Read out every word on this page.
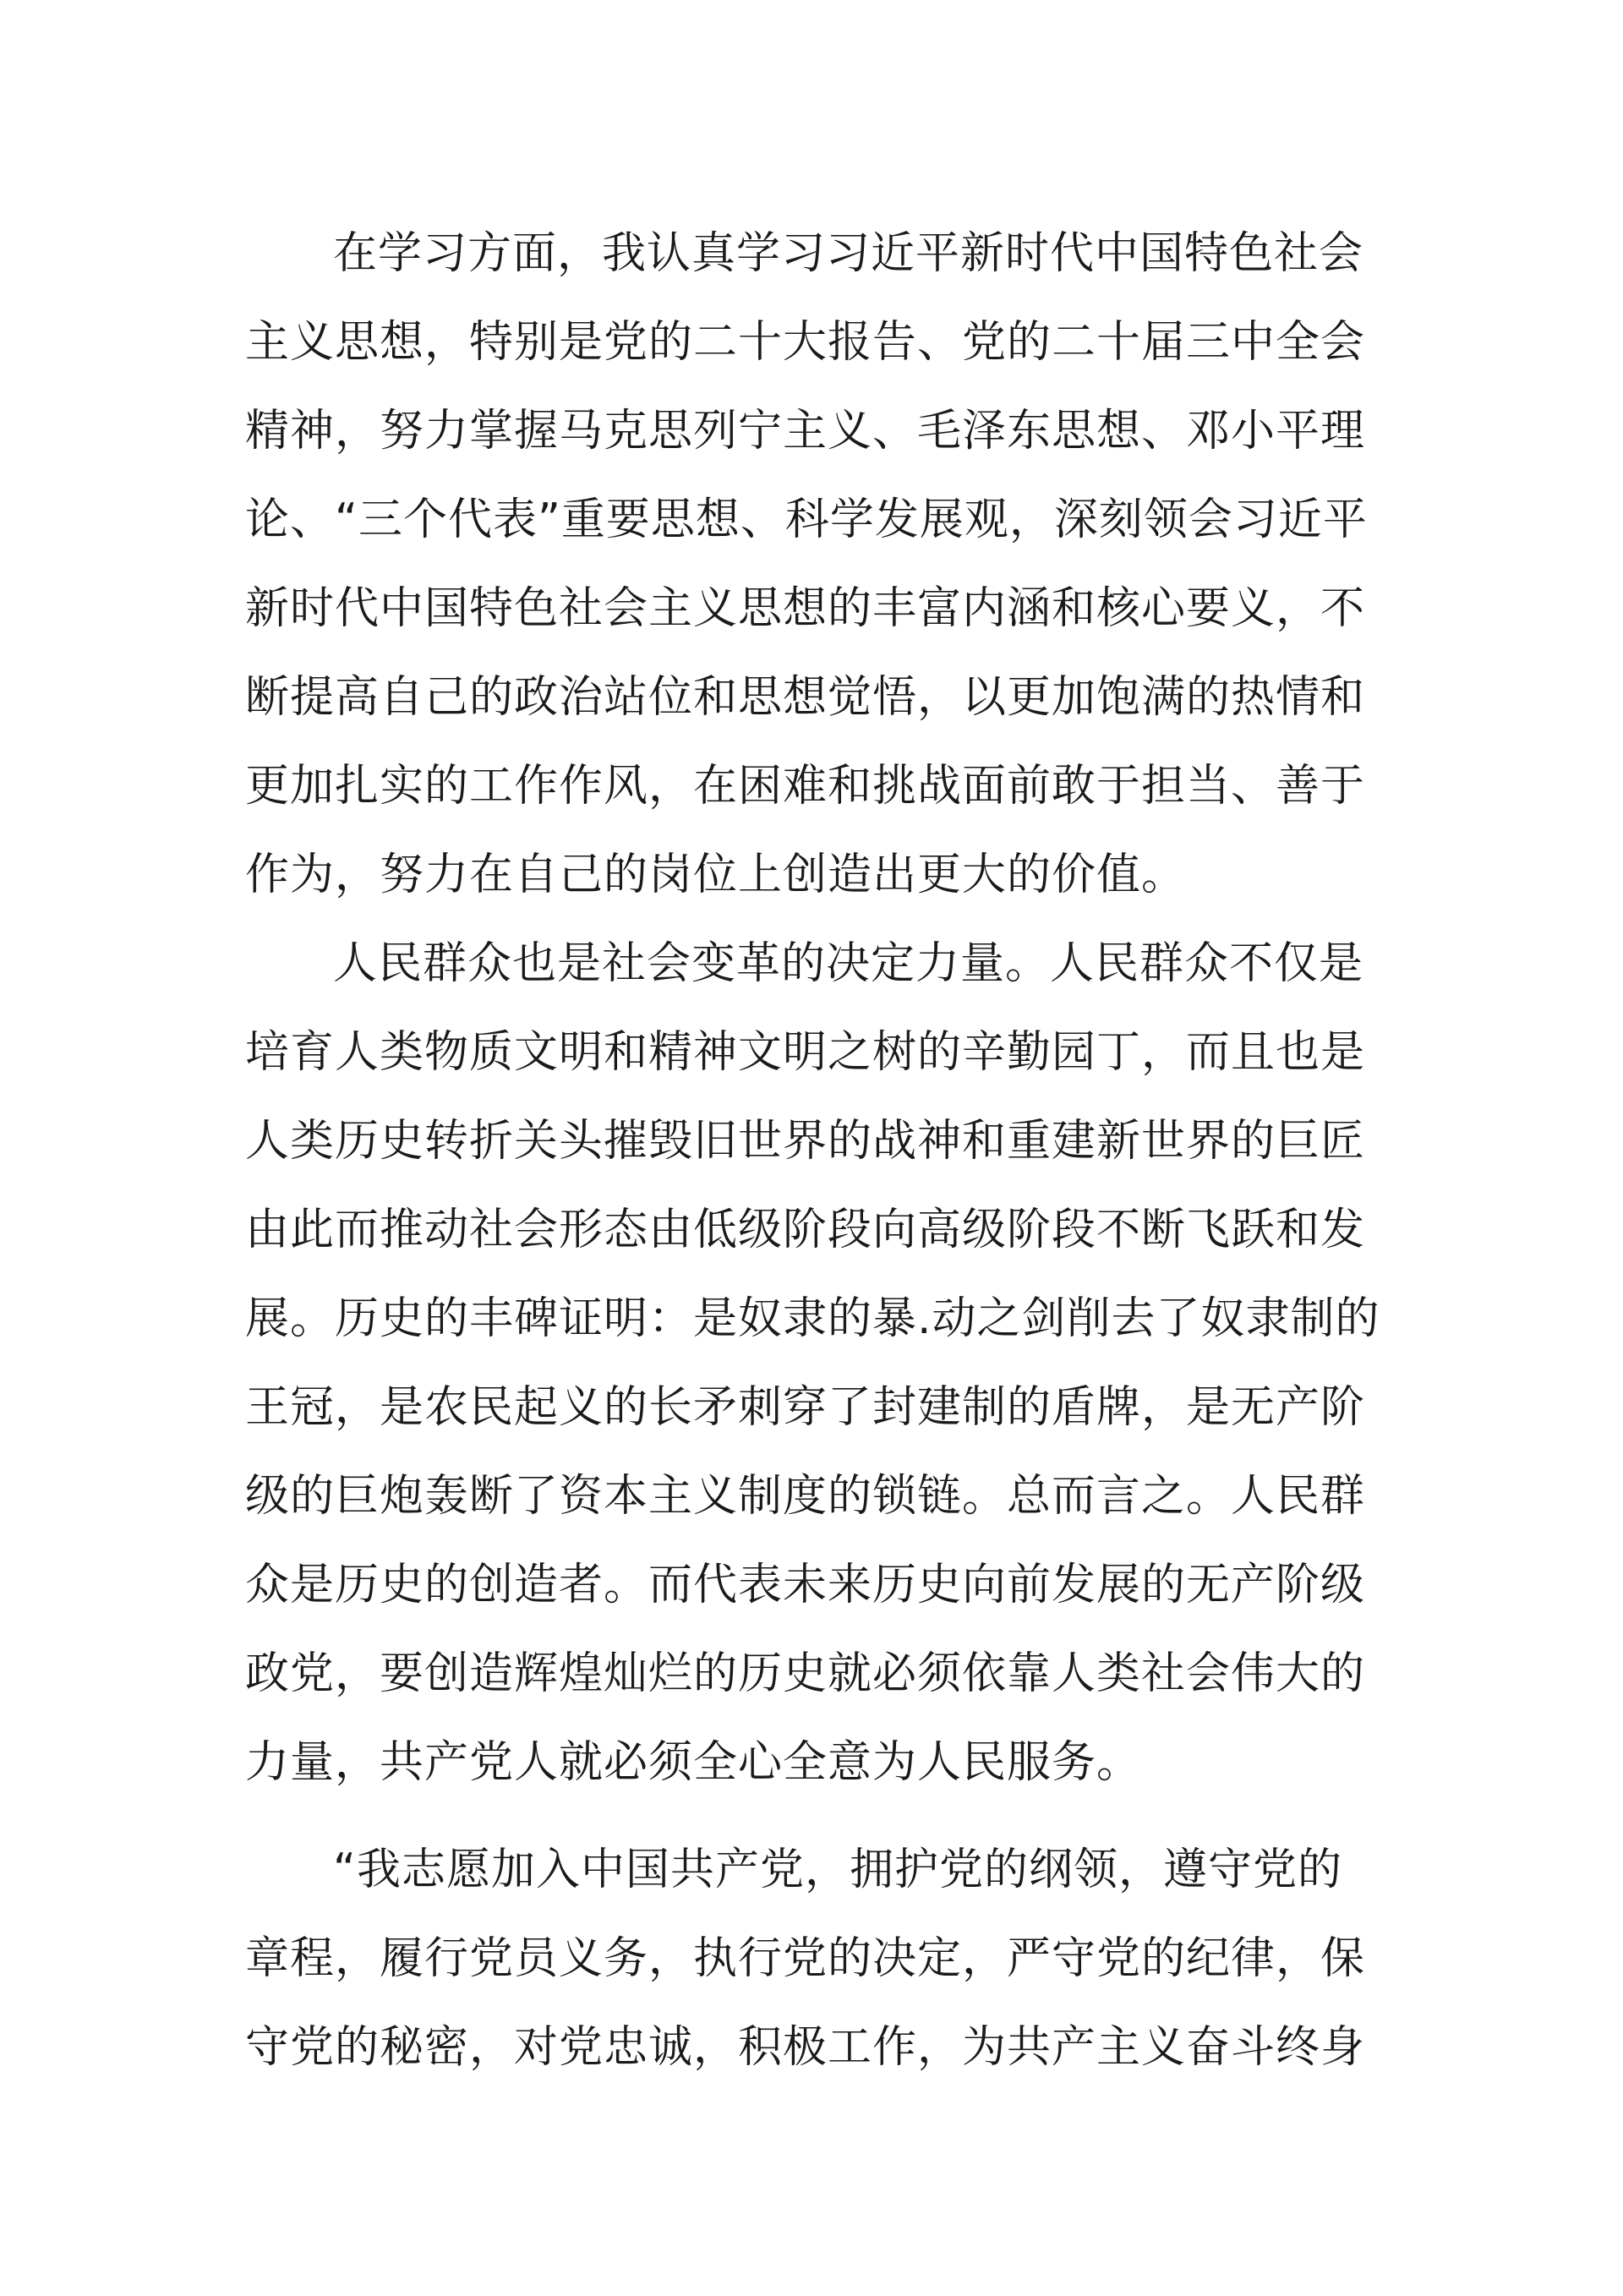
在学习方面，我认真学习习近平新时代中国特色社会主义思想，特别是党的二十大报告、党的二十届三中全会精神，努力掌握马克思列宁主义、毛泽东思想、邓小平理论、“三个代表”重要思想、科学发展观，深刻领会习近平新时代中国特色社会主义思想的丰富内涵和核心要义，不断提高自己的政治站位和思想觉悟，以更加饱满的热情和更加扎实的工作作风，在困难和挑战面前敢于担当、善于作为，努力在自己的岗位上创造出更大的价值。

人民群众也是社会变革的决定力量。人民群众不仅是培育人类物质文明和精神文明之树的辛勤园丁，而且也是人类历史转折关头摧毁旧世界的战神和重建新世界的巨匠由此而推动社会形态由低级阶段向高级阶段不断飞跃和发展。历史的丰碑证明：是奴隶的暴.动之剑削去了奴隶制的王冠，是农民起义的长矛刺穿了封建制的盾牌，是无产阶级的巨炮轰断了资本主义制度的锁链。总而言之。人民群众是历史的创造者。而代表未来历史向前发展的无产阶级政党，要创造辉煌灿烂的历史就必须依靠人类社会伟大的力量，共产党人就必须全心全意为人民服务。

“我志愿加入中国共产党，拥护党的纲领，遵守党的章程，履行党员义务，执行党的决定，严守党的纪律，保守党的秘密，对党忠诚，积极工作，为共产主义奋斗终身
